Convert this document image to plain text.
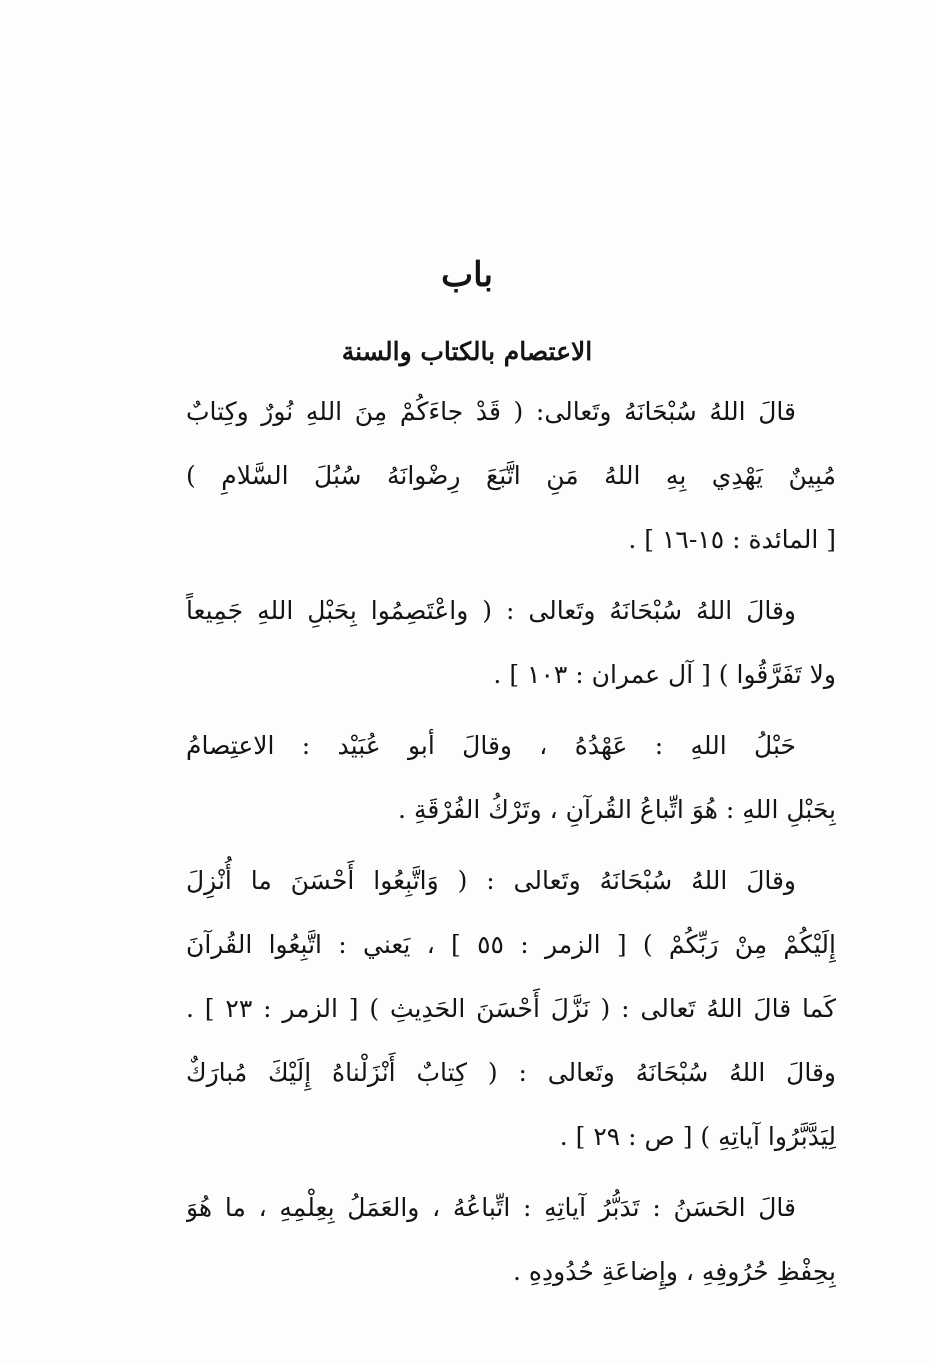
باب
الاعتصام بالكتاب والسنة

قالَ اللهُ سُبْحَانَهُ وتَعالى: ( قَدْ جاءَكُمْ مِنَ اللهِ نُورٌ وكِتابٌ
مُبِينٌ يَهْدِي بِهِ اللهُ مَنِ اتَّبَعَ رِضْوانَهُ سُبُلَ السَّلامِ )
[ المائدة : ١٥-١٦ ] .

وقالَ اللهُ سُبْحَانَهُ وتَعالى : ( واعْتَصِمُوا بِحَبْلِ اللهِ جَمِيعاً
ولا تَفَرَّقُوا ) [ آل عمران : ١٠٣ ] .

حَبْلُ اللهِ : عَهْدُهُ ، وقالَ أبو عُبَيْد : الاعتِصامُ
بِحَبْلِ اللهِ : هُوَ اتِّباعُ القُرآنِ ، وتَرْكُ الفُرْقَةِ .

وقالَ اللهُ سُبْحَانَهُ وتَعالى : ( وَاتَّبِعُوا أَحْسَنَ ما أُنْزِلَ
إِلَيْكُمْ مِنْ رَبِّكُمْ ) [ الزمر : ٥٥ ] ، يَعني : اتَّبِعُوا القُرآنَ
كَما قالَ اللهُ تَعالى : ( نَزَّلَ أَحْسَنَ الحَدِيثِ ) [ الزمر : ٢٣ ] .
وقالَ اللهُ سُبْحَانَهُ وتَعالى : ( كِتابٌ أَنْزَلْناهُ إِلَيْكَ مُبارَكٌ
لِيَدَّبَّرُوا آياتِهِ ) [ ص : ٢٩ ] .

قالَ الحَسَنُ : تَدَبُّرُ آياتِهِ : اتِّباعُهُ ، والعَمَلُ بِعِلْمِهِ ، ما هُوَ
بِحِفْظِ حُرُوفِهِ ، وإِضاعَةِ حُدُودِهِ .
